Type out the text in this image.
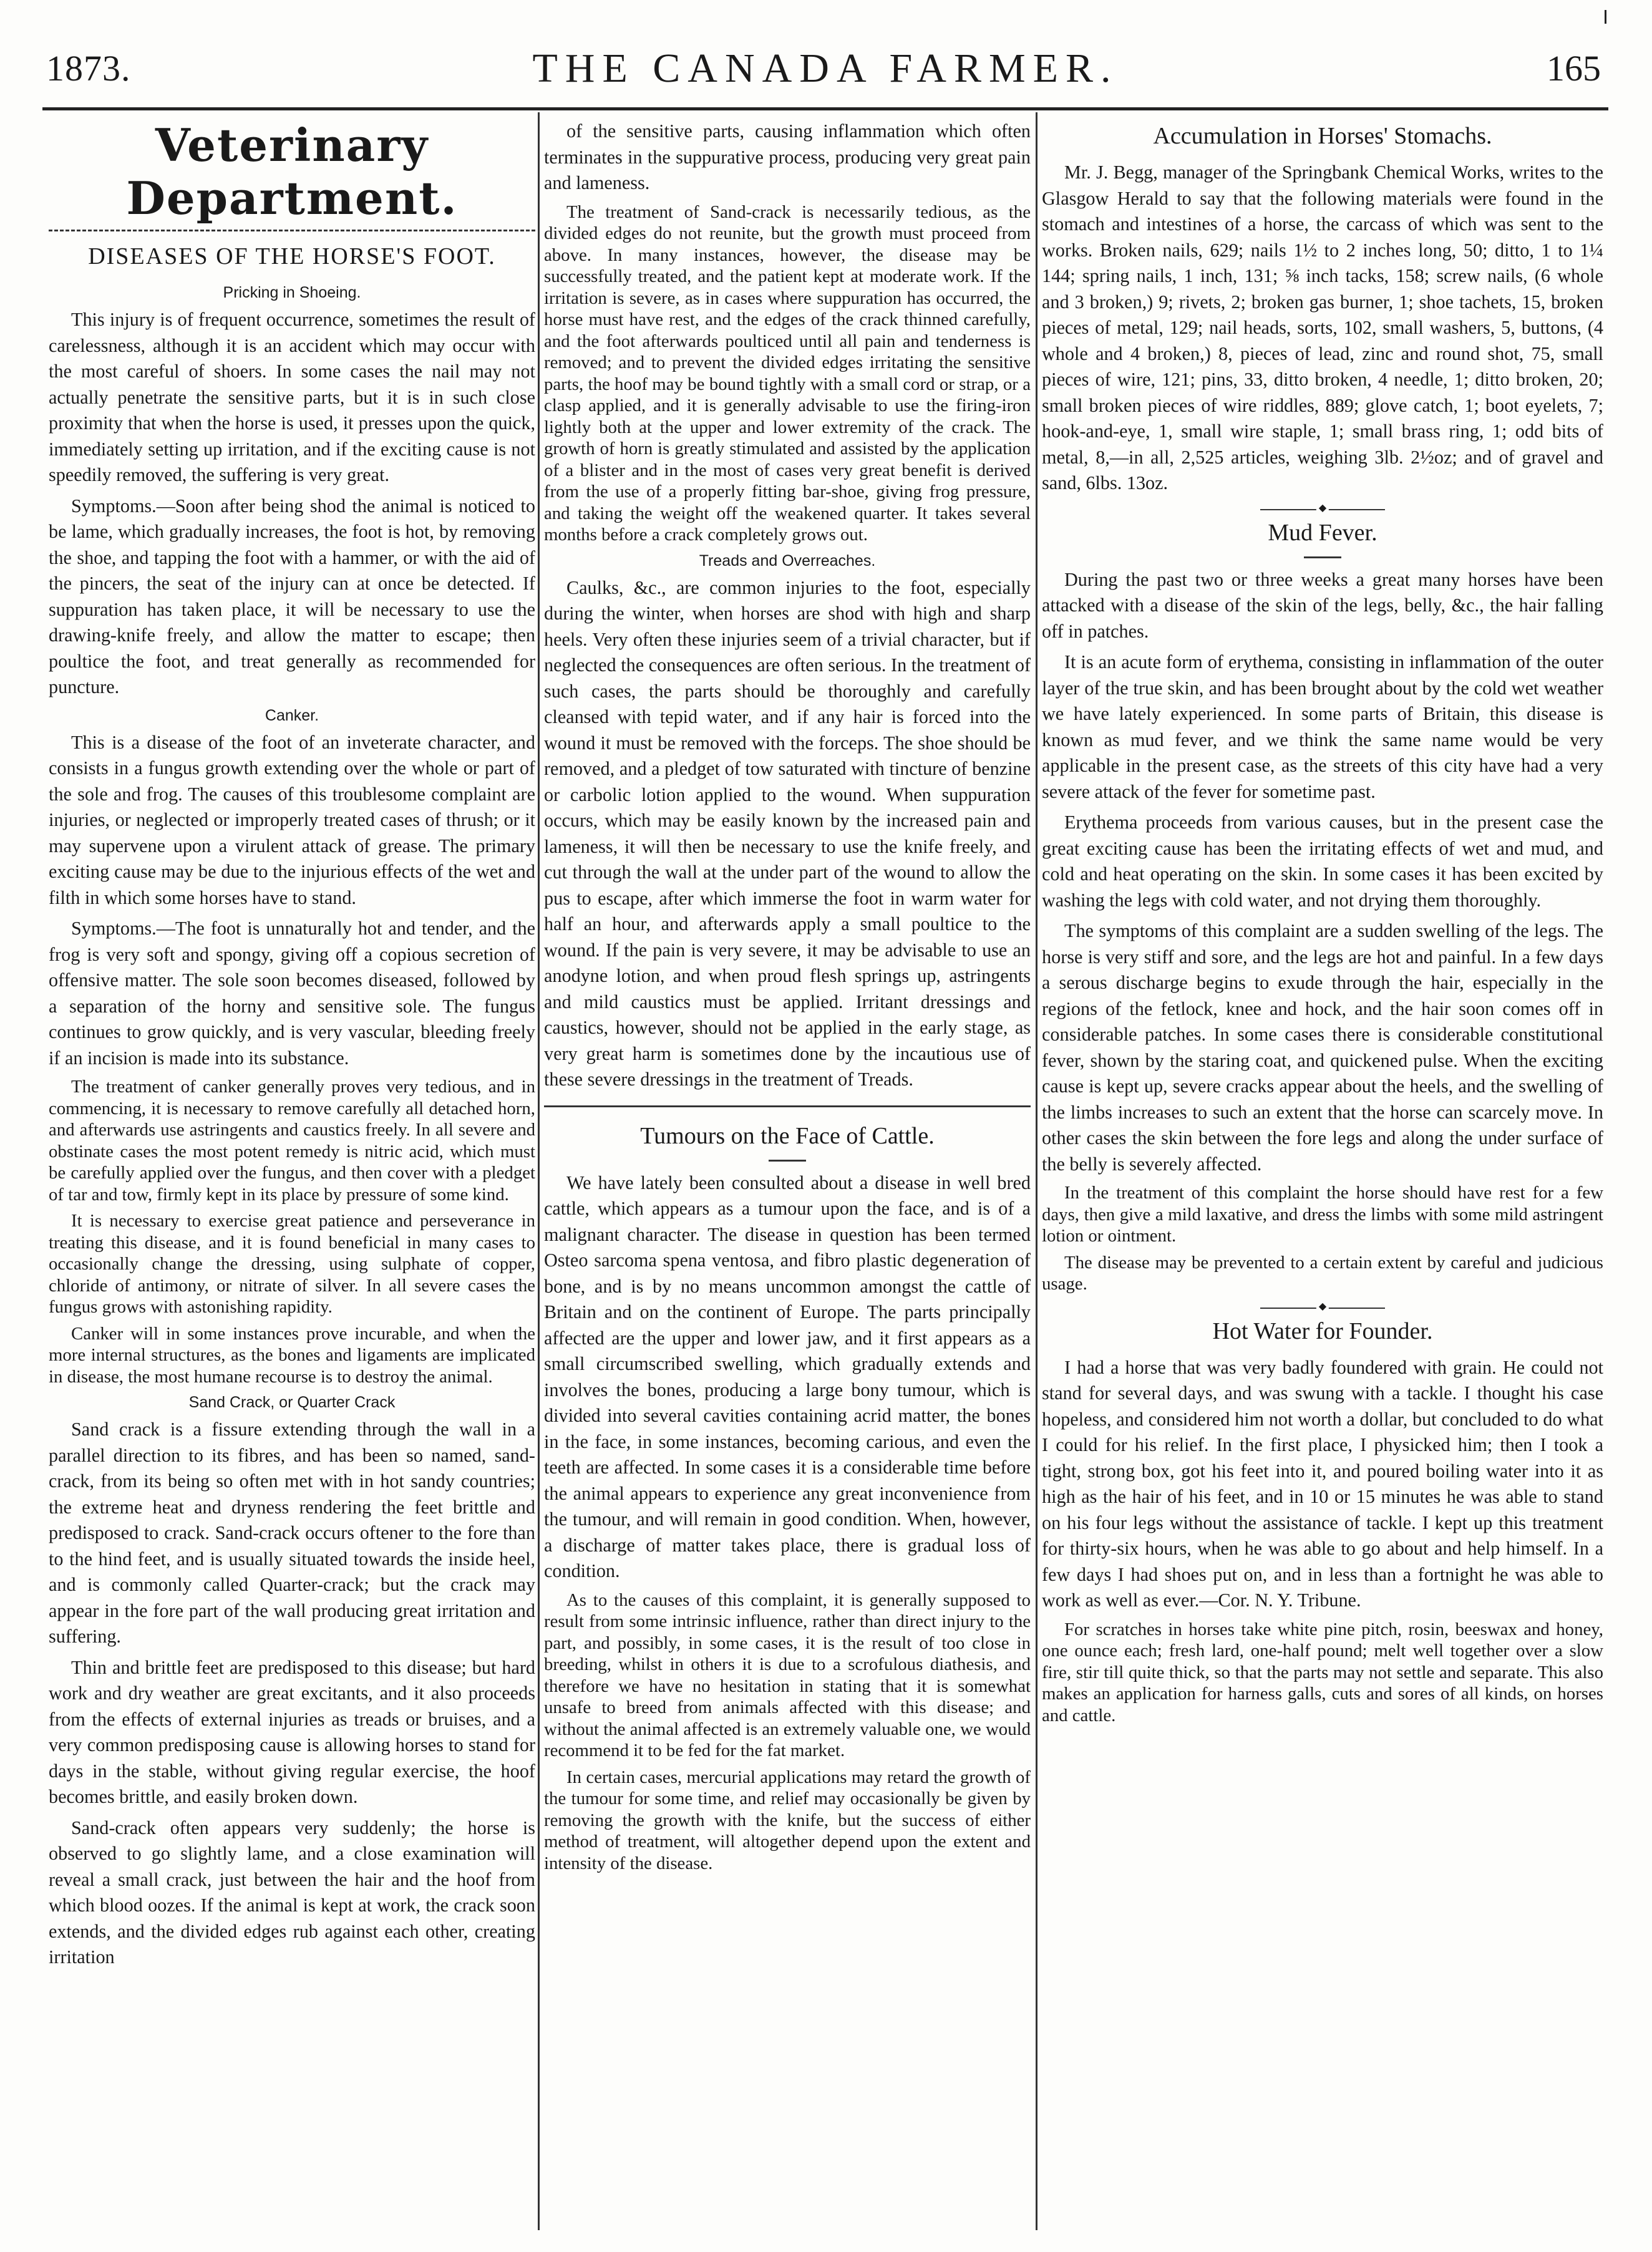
1873.	THE CANADA FARMER.	165
Veterinary Department.
DISEASES OF THE HORSE'S FOOT.
Pricking in Shoeing.

This injury is of frequent occurrence, sometimes the result of carelessness, although it is an accident which may occur with the most careful of shoers. In some cases the nail may not actually penetrate the sensitive parts, but it is in such close proximity that when the horse is used, it presses upon the quick, immediately setting up irritation, and if the exciting cause is not speedily removed, the suffering is very great.

Symptoms.—Soon after being shod the animal is noticed to be lame, which gradually increases, the foot is hot, by removing the shoe, and tapping the foot with a hammer, or with the aid of the pincers, the seat of the injury can at once be detected. If suppuration has taken place, it will be necessary to use the drawing-knife freely, and allow the matter to escape; then poultice the foot, and treat generally as recommended for puncture.

Canker.

This is a disease of the foot of an inveterate character, and consists in a fungus growth extending over the whole or part of the sole and frog. The causes of this troublesome complaint are injuries, or neglected or improperly treated cases of thrush; or it may supervene upon a virulent attack of grease. The primary exciting cause may be due to the injurious effects of the wet and filth in which some horses have to stand.

Symptoms.—The foot is unnaturally hot and tender, and the frog is very soft and spongy, giving off a copious secretion of offensive matter. The sole soon becomes diseased, followed by a separation of the horny and sensitive sole. The fungus continues to grow quickly, and is very vascular, bleeding freely if an incision is made into its substance.

The treatment of canker generally proves very tedious, and in commencing, it is necessary to remove carefully all detached horn, and afterwards use astringents and caustics freely. In all severe and obstinate cases the most potent remedy is nitric acid, which must be carefully applied over the fungus, and then cover with a pledget of tar and tow, firmly kept in its place by pressure of some kind.

It is necessary to exercise great patience and perseverance in treating this disease, and it is found beneficial in many cases to occasionally change the dressing, using sulphate of copper, chloride of antimony, or nitrate of silver. In all severe cases the fungus grows with astonishing rapidity.

Canker will in some instances prove incurable, and when the more internal structures, as the bones and ligaments are implicated in disease, the most humane recourse is to destroy the animal.

Sand Crack, or Quarter Crack

Sand crack is a fissure extending through the wall in a parallel direction to its fibres, and has been so named, sand-crack, from its being so often met with in hot sandy countries; the extreme heat and dryness rendering the feet brittle and predisposed to crack. Sand-crack occurs oftener to the fore than to the hind feet, and is usually situated towards the inside heel, and is commonly called Quarter-crack; but the crack may appear in the fore part of the wall producing great irritation and suffering.

Thin and brittle feet are predisposed to this disease; but hard work and dry weather are great excitants, and it also proceeds from the effects of external injuries as treads or bruises, and a very common predisposing cause is allowing horses to stand for days in the stable, without giving regular exercise, the hoof becomes brittle, and easily broken down.

Sand-crack often appears very suddenly; the horse is observed to go slightly lame, and a close examination will reveal a small crack, just between the hair and the hoof from which blood oozes. If the animal is kept at work, the crack soon extends, and the divided edges rub against each other, creating irritation

of the sensitive parts, causing inflammation which often terminates in the suppurative process, producing very great pain and lameness.

The treatment of Sand-crack is necessarily tedious, as the divided edges do not reunite, but the growth must proceed from above. In many instances, however, the disease may be successfully treated, and the patient kept at moderate work. If the irritation is severe, as in cases where suppuration has occurred, the horse must have rest, and the edges of the crack thinned carefully, and the foot afterwards poulticed until all pain and tenderness is removed; and to prevent the divided edges irritating the sensitive parts, the hoof may be bound tightly with a small cord or strap, or a clasp applied, and it is generally advisable to use the firing-iron lightly both at the upper and lower extremity of the crack. The growth of horn is greatly stimulated and assisted by the application of a blister and in the most of cases very great benefit is derived from the use of a properly fitting bar-shoe, giving frog pressure, and taking the weight off the weakened quarter. It takes several months before a crack completely grows out.

Treads and Overreaches.

Caulks, &c., are common injuries to the foot, especially during the winter, when horses are shod with high and sharp heels. Very often these injuries seem of a trivial character, but if neglected the consequences are often serious. In the treatment of such cases, the parts should be thoroughly and carefully cleansed with tepid water, and if any hair is forced into the wound it must be removed with the forceps. The shoe should be removed, and a pledget of tow saturated with tincture of benzine or carbolic lotion applied to the wound. When suppuration occurs, which may be easily known by the increased pain and lameness, it will then be necessary to use the knife freely, and cut through the wall at the under part of the wound to allow the pus to escape, after which immerse the foot in warm water for half an hour, and afterwards apply a small poultice to the wound. If the pain is very severe, it may be advisable to use an anodyne lotion, and when proud flesh springs up, astringents and mild caustics must be applied. Irritant dressings and caustics, however, should not be applied in the early stage, as very great harm is sometimes done by the incautious use of these severe dressings in the treatment of Treads.

Tumours on the Face of Cattle.

We have lately been consulted about a disease in well bred cattle, which appears as a tumour upon the face, and is of a malignant character. The disease in question has been termed Osteo sarcoma spena ventosa, and fibro plastic degeneration of bone, and is by no means uncommon amongst the cattle of Britain and on the continent of Europe. The parts principally affected are the upper and lower jaw, and it first appears as a small circumscribed swelling, which gradually extends and involves the bones, producing a large bony tumour, which is divided into several cavities containing acrid matter, the bones in the face, in some instances, becoming carious, and even the teeth are affected. In some cases it is a considerable time before the animal appears to experience any great inconvenience from the tumour, and will remain in good condition. When, however, a discharge of matter takes place, there is gradual loss of condition.

As to the causes of this complaint, it is generally supposed to result from some intrinsic influence, rather than direct injury to the part, and possibly, in some cases, it is the result of too close in breeding, whilst in others it is due to a scrofulous diathesis, and therefore we have no hesitation in stating that it is somewhat unsafe to breed from animals affected with this disease; and without the animal affected is an extremely valuable one, we would recommend it to be fed for the fat market.

In certain cases, mercurial applications may retard the growth of the tumour for some time, and relief may occasionally be given by removing the growth with the knife, but the success of either method of treatment, will altogether depend upon the extent and intensity of the disease.

Accumulation in Horses' Stomachs.

Mr. J. Begg, manager of the Springbank Chemical Works, writes to the Glasgow Herald to say that the following materials were found in the stomach and intestines of a horse, the carcass of which was sent to the works. Broken nails, 629; nails 1½ to 2 inches long, 50; ditto, 1 to 1¼ 144; spring nails, 1 inch, 131; ⅝ inch tacks, 158; screw nails, (6 whole and 3 broken,) 9; rivets, 2; broken gas burner, 1; shoe tachets, 15, broken pieces of metal, 129; nail heads, sorts, 102, small washers, 5, buttons, (4 whole and 4 broken,) 8, pieces of lead, zinc and round shot, 75, small pieces of wire, 121; pins, 33, ditto broken, 4 needle, 1; ditto broken, 20; small broken pieces of wire riddles, 889; glove catch, 1; boot eyelets, 7; hook-and-eye, 1, small wire staple, 1; small brass ring, 1; odd bits of metal, 8,—in all, 2,525 articles, weighing 3lb. 2½oz; and of gravel and sand, 6lbs. 13oz.

◆
Mud Fever.

During the past two or three weeks a great many horses have been attacked with a disease of the skin of the legs, belly, &c., the hair falling off in patches.

It is an acute form of erythema, consisting in inflammation of the outer layer of the true skin, and has been brought about by the cold wet weather we have lately experienced. In some parts of Britain, this disease is known as mud fever, and we think the same name would be very applicable in the present case, as the streets of this city have had a very severe attack of the fever for sometime past.

Erythema proceeds from various causes, but in the present case the great exciting cause has been the irritating effects of wet and mud, and cold and heat operating on the skin. In some cases it has been excited by washing the legs with cold water, and not drying them thoroughly.

The symptoms of this complaint are a sudden swelling of the legs. The horse is very stiff and sore, and the legs are hot and painful. In a few days a serous discharge begins to exude through the hair, especially in the regions of the fetlock, knee and hock, and the hair soon comes off in considerable patches. In some cases there is considerable constitutional fever, shown by the staring coat, and quickened pulse. When the exciting cause is kept up, severe cracks appear about the heels, and the swelling of the limbs increases to such an extent that the horse can scarcely move. In other cases the skin between the fore legs and along the under surface of the belly is severely affected.

In the treatment of this complaint the horse should have rest for a few days, then give a mild laxative, and dress the limbs with some mild astringent lotion or ointment.

The disease may be prevented to a certain extent by careful and judicious usage.

◆
Hot Water for Founder.

I had a horse that was very badly foundered with grain. He could not stand for several days, and was swung with a tackle. I thought his case hopeless, and considered him not worth a dollar, but concluded to do what I could for his relief. In the first place, I physicked him; then I took a tight, strong box, got his feet into it, and poured boiling water into it as high as the hair of his feet, and in 10 or 15 minutes he was able to stand on his four legs without the assistance of tackle. I kept up this treatment for thirty-six hours, when he was able to go about and help himself. In a few days I had shoes put on, and in less than a fortnight he was able to work as well as ever.—Cor. N. Y. Tribune.

For scratches in horses take white pine pitch, rosin, beeswax and honey, one ounce each; fresh lard, one-half pound; melt well together over a slow fire, stir till quite thick, so that the parts may not settle and separate. This also makes an application for harness galls, cuts and sores of all kinds, on horses and cattle.
